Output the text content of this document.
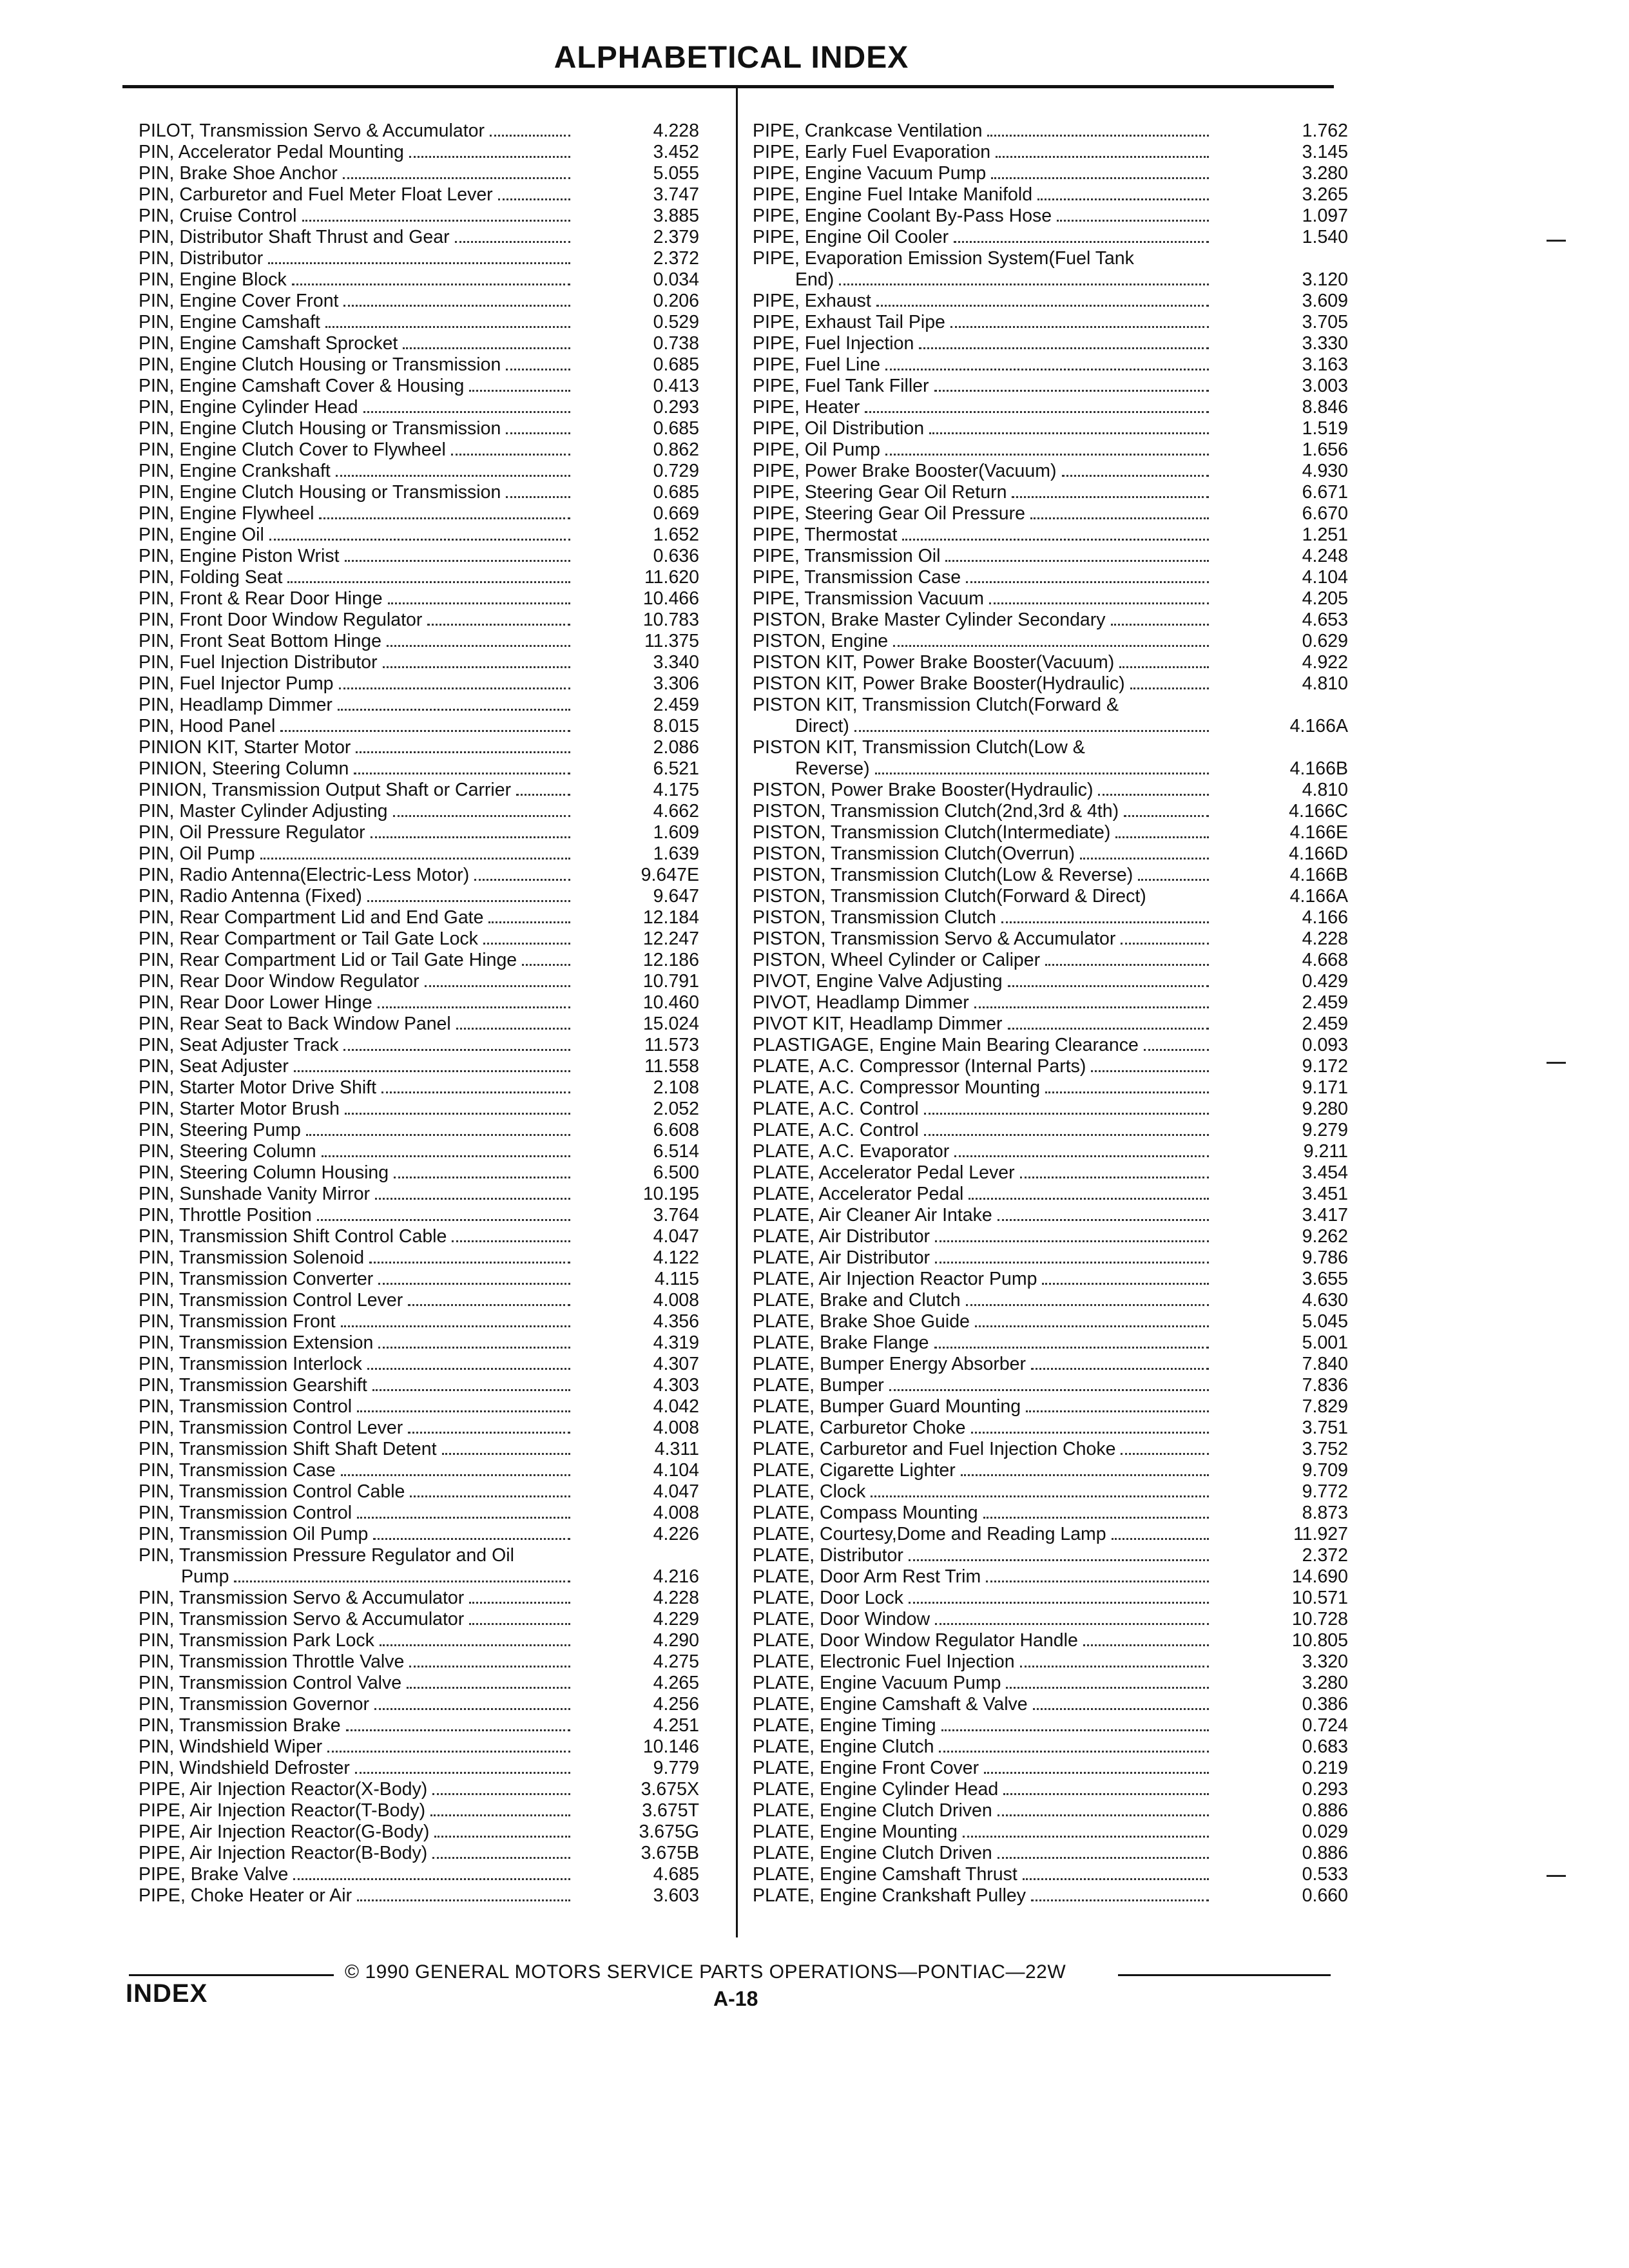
ALPHABETICAL INDEX
PILOT, Transmission Servo & Accumulator	4.228
PIN, Accelerator Pedal Mounting	3.452
PIN, Brake Shoe Anchor	5.055
PIN, Carburetor and Fuel Meter Float Lever	3.747
PIN, Cruise Control	3.885
PIN, Distributor Shaft Thrust and Gear	2.379
PIN, Distributor	2.372
PIN, Engine Block	0.034
PIN, Engine Cover Front	0.206
PIN, Engine Camshaft	0.529
PIN, Engine Camshaft Sprocket	0.738
PIN, Engine Clutch Housing or Transmission	0.685
PIN, Engine Camshaft Cover & Housing	0.413
PIN, Engine Cylinder Head	0.293
PIN, Engine Clutch Housing or Transmission	0.685
PIN, Engine Clutch Cover to Flywheel	0.862
PIN, Engine Crankshaft	0.729
PIN, Engine Clutch Housing or Transmission	0.685
PIN, Engine Flywheel	0.669
PIN, Engine Oil	1.652
PIN, Engine Piston Wrist	0.636
PIN, Folding Seat	11.620
PIN, Front & Rear Door Hinge	10.466
PIN, Front Door Window Regulator	10.783
PIN, Front Seat Bottom Hinge	11.375
PIN, Fuel Injection Distributor	3.340
PIN, Fuel Injector Pump	3.306
PIN, Headlamp Dimmer	2.459
PIN, Hood Panel	8.015
PINION KIT, Starter Motor	2.086
PINION, Steering Column	6.521
PINION, Transmission Output Shaft or Carrier	4.175
PIN, Master Cylinder Adjusting	4.662
PIN, Oil Pressure Regulator	1.609
PIN, Oil Pump	1.639
PIN, Radio Antenna(Electric-Less Motor)	9.647E
PIN, Radio Antenna (Fixed)	9.647
PIN, Rear Compartment Lid and End Gate	12.184
PIN, Rear Compartment or Tail Gate Lock	12.247
PIN, Rear Compartment Lid or Tail Gate Hinge	12.186
PIN, Rear Door Window Regulator	10.791
PIN, Rear Door Lower Hinge	10.460
PIN, Rear Seat to Back Window Panel	15.024
PIN, Seat Adjuster Track	11.573
PIN, Seat Adjuster	11.558
PIN, Starter Motor Drive Shift	2.108
PIN, Starter Motor Brush	2.052
PIN, Steering Pump	6.608
PIN, Steering Column	6.514
PIN, Steering Column Housing	6.500
PIN, Sunshade Vanity Mirror	10.195
PIN, Throttle Position	3.764
PIN, Transmission Shift Control Cable	4.047
PIN, Transmission Solenoid	4.122
PIN, Transmission Converter	4.115
PIN, Transmission Control Lever	4.008
PIN, Transmission Front	4.356
PIN, Transmission Extension	4.319
PIN, Transmission Interlock	4.307
PIN, Transmission Gearshift	4.303
PIN, Transmission Control	4.042
PIN, Transmission Control Lever	4.008
PIN, Transmission Shift Shaft Detent	4.311
PIN, Transmission Case	4.104
PIN, Transmission Control Cable	4.047
PIN, Transmission Control	4.008
PIN, Transmission Oil Pump	4.226
PIN, Transmission Pressure Regulator and Oil
Pump	4.216
PIN, Transmission Servo & Accumulator	4.228
PIN, Transmission Servo & Accumulator	4.229
PIN, Transmission Park Lock	4.290
PIN, Transmission Throttle Valve	4.275
PIN, Transmission Control Valve	4.265
PIN, Transmission Governor	4.256
PIN, Transmission Brake	4.251
PIN, Windshield Wiper	10.146
PIN, Windshield Defroster	9.779
PIPE, Air Injection Reactor(X-Body)	3.675X
PIPE, Air Injection Reactor(T-Body)	3.675T
PIPE, Air Injection Reactor(G-Body)	3.675G
PIPE, Air Injection Reactor(B-Body)	3.675B
PIPE, Brake Valve	4.685
PIPE, Choke Heater or Air	3.603
PIPE, Crankcase Ventilation	1.762
PIPE, Early Fuel Evaporation	3.145
PIPE, Engine Vacuum Pump	3.280
PIPE, Engine Fuel Intake Manifold	3.265
PIPE, Engine Coolant By-Pass Hose	1.097
PIPE, Engine Oil Cooler	1.540
PIPE, Evaporation Emission System(Fuel Tank
End)	3.120
PIPE, Exhaust	3.609
PIPE, Exhaust Tail Pipe	3.705
PIPE, Fuel Injection	3.330
PIPE, Fuel Line	3.163
PIPE, Fuel Tank Filler	3.003
PIPE, Heater	8.846
PIPE, Oil Distribution	1.519
PIPE, Oil Pump	1.656
PIPE, Power Brake Booster(Vacuum)	4.930
PIPE, Steering Gear Oil Return	6.671
PIPE, Steering Gear Oil Pressure	6.670
PIPE, Thermostat	1.251
PIPE, Transmission Oil	4.248
PIPE, Transmission Case	4.104
PIPE, Transmission Vacuum	4.205
PISTON, Brake Master Cylinder Secondary	4.653
PISTON, Engine	0.629
PISTON KIT, Power Brake Booster(Vacuum)	4.922
PISTON KIT, Power Brake Booster(Hydraulic)	4.810
PISTON KIT, Transmission Clutch(Forward &
Direct)	4.166A
PISTON KIT, Transmission Clutch(Low &
Reverse)	4.166B
PISTON, Power Brake Booster(Hydraulic)	4.810
PISTON, Transmission Clutch(2nd,3rd & 4th)	4.166C
PISTON, Transmission Clutch(Intermediate)	4.166E
PISTON, Transmission Clutch(Overrun)	4.166D
PISTON, Transmission Clutch(Low & Reverse)	4.166B
PISTON, Transmission Clutch(Forward & Direct)	4.166A
PISTON, Transmission Clutch	4.166
PISTON, Transmission Servo & Accumulator	4.228
PISTON, Wheel Cylinder or Caliper	4.668
PIVOT, Engine Valve Adjusting	0.429
PIVOT, Headlamp Dimmer	2.459
PIVOT KIT, Headlamp Dimmer	2.459
PLASTIGAGE, Engine Main Bearing Clearance	0.093
PLATE, A.C. Compressor (Internal Parts)	9.172
PLATE, A.C. Compressor Mounting	9.171
PLATE, A.C. Control	9.280
PLATE, A.C. Control	9.279
PLATE, A.C. Evaporator	9.211
PLATE, Accelerator Pedal Lever	3.454
PLATE, Accelerator Pedal	3.451
PLATE, Air Cleaner Air Intake	3.417
PLATE, Air Distributor	9.262
PLATE, Air Distributor	9.786
PLATE, Air Injection Reactor Pump	3.655
PLATE, Brake and Clutch	4.630
PLATE, Brake Shoe Guide	5.045
PLATE, Brake Flange	5.001
PLATE, Bumper Energy Absorber	7.840
PLATE, Bumper	7.836
PLATE, Bumper Guard Mounting	7.829
PLATE, Carburetor Choke	3.751
PLATE, Carburetor and Fuel Injection Choke	3.752
PLATE, Cigarette Lighter	9.709
PLATE, Clock	9.772
PLATE, Compass Mounting	8.873
PLATE, Courtesy,Dome and Reading Lamp	11.927
PLATE, Distributor	2.372
PLATE, Door Arm Rest Trim	14.690
PLATE, Door Lock	10.571
PLATE, Door Window	10.728
PLATE, Door Window Regulator Handle	10.805
PLATE, Electronic Fuel Injection	3.320
PLATE, Engine Vacuum Pump	3.280
PLATE, Engine Camshaft & Valve	0.386
PLATE, Engine Timing	0.724
PLATE, Engine Clutch	0.683
PLATE, Engine Front Cover	0.219
PLATE, Engine Cylinder Head	0.293
PLATE, Engine Clutch Driven	0.886
PLATE, Engine Mounting	0.029
PLATE, Engine Clutch Driven	0.886
PLATE, Engine Camshaft Thrust	0.533
PLATE, Engine Crankshaft Pulley	0.660
© 1990 GENERAL MOTORS SERVICE PARTS OPERATIONS—PONTIAC—22W
INDEX	A-18
